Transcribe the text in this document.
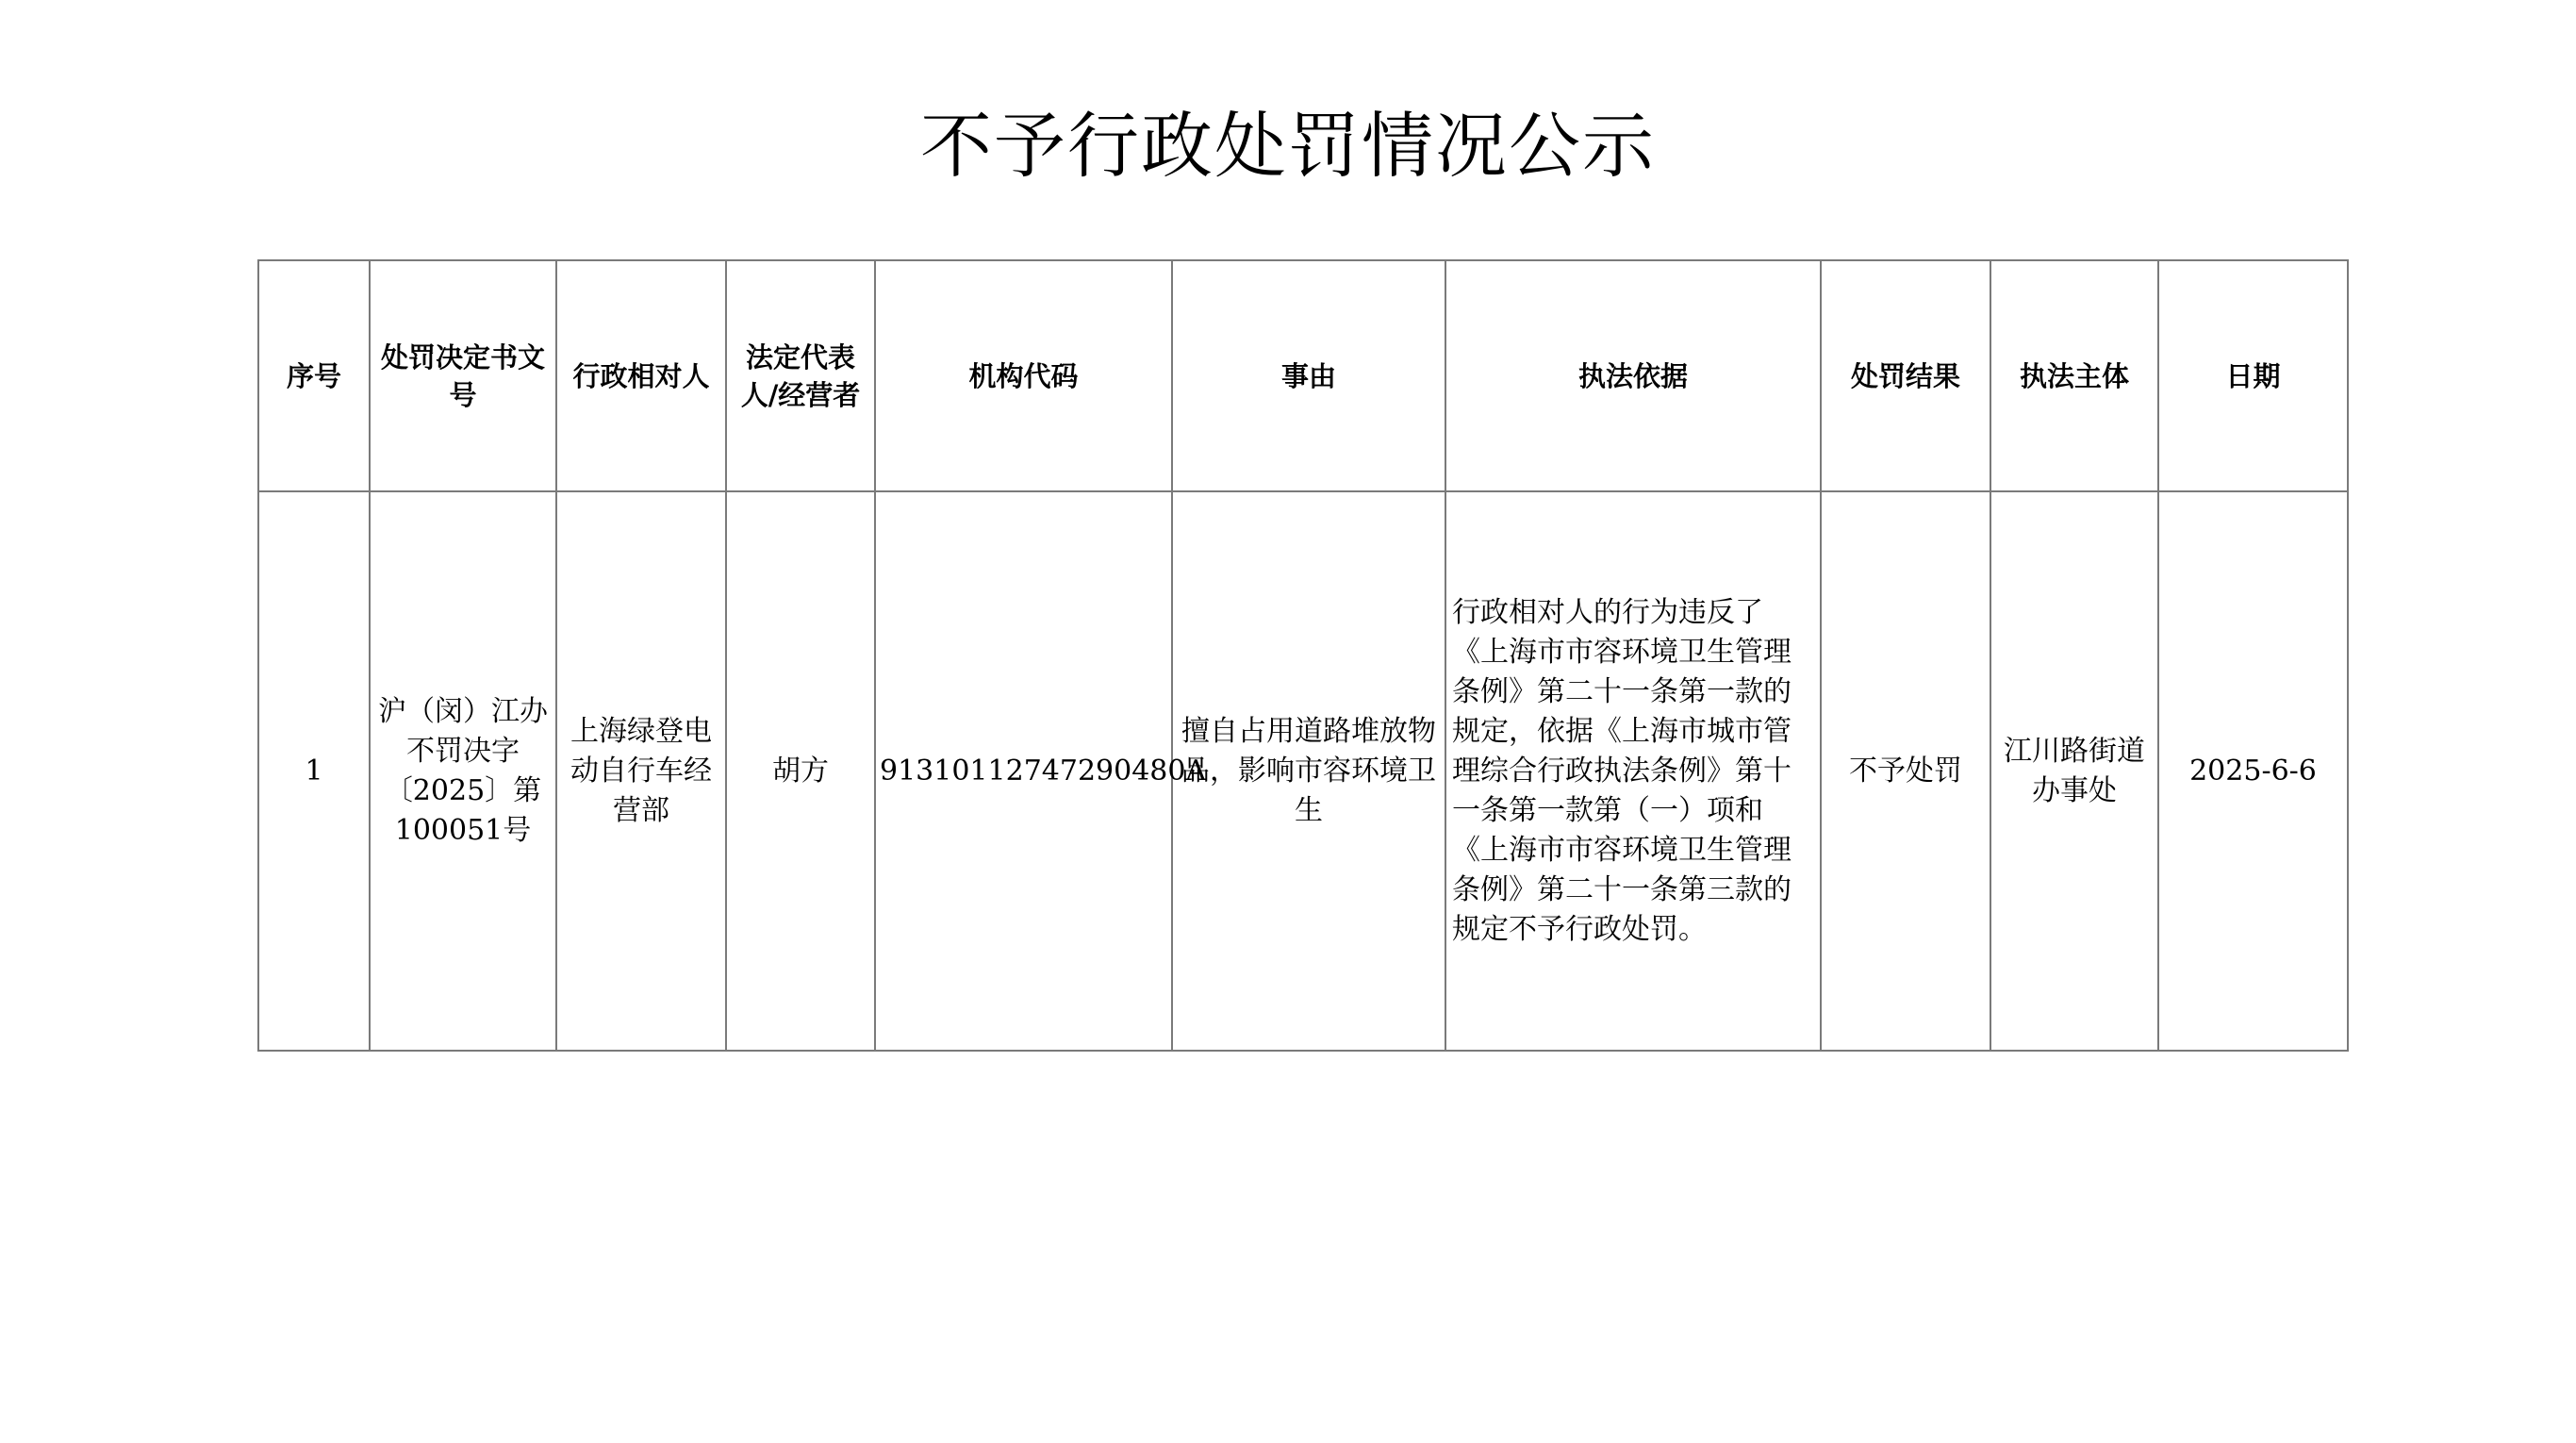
不予行政处罚情况公示
序号	处罚决定书文号	行政相对人	法定代表人/经营者	机构代码	事由	执法依据	处罚结果	执法主体	日期
1	沪（闵）江办不罚决字〔2025〕第100051号	上海绿登电动自行车经营部	胡方	91310112747290480A	擅自占用道路堆放物品，影响市容环境卫生	行政相对人的行为违反了《上海市市容环境卫生管理条例》第二十一条第一款的规定，依据《上海市城市管理综合行政执法条例》第十一条第一款第（一）项和《上海市市容环境卫生管理条例》第二十一条第三款的规定不予行政处罚。	不予处罚	江川路街道办事处	2025-6-6
